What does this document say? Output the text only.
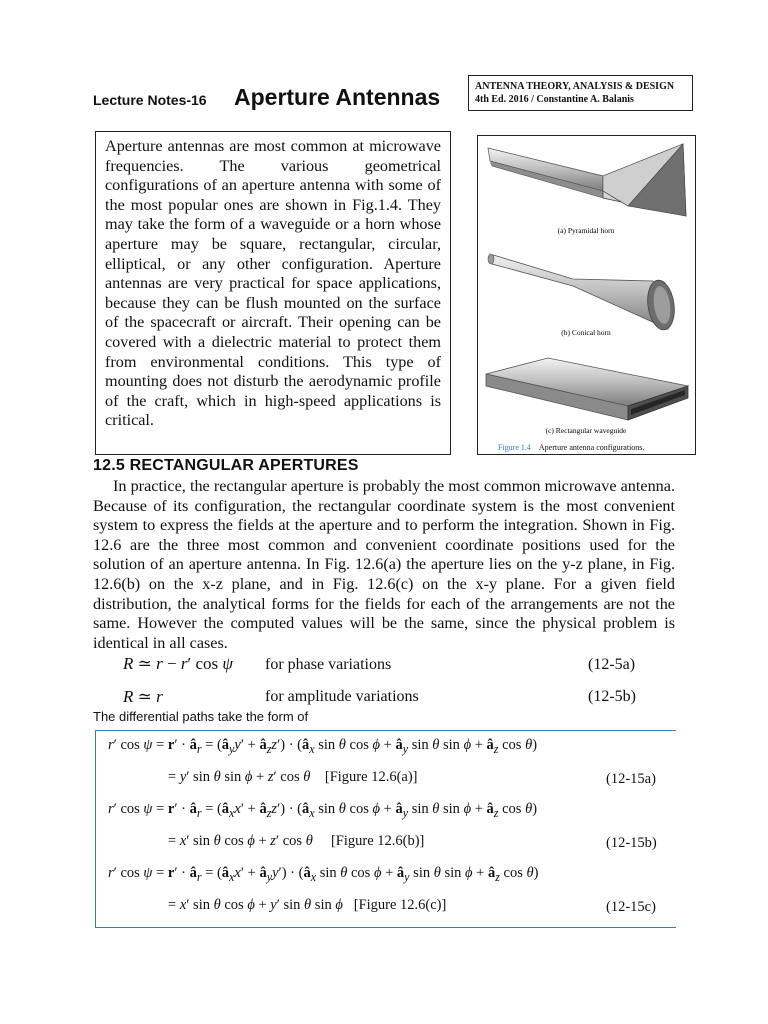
Lecture Notes-16 Aperture Antennas	ANTENNA THEORY, ANALYSIS & DESIGN
4th Ed. 2016 / Constantine A. Balanis
Aperture antennas are most common at microwave frequencies. The various geometrical configurations of an aperture antenna with some of the most popular ones are shown in Fig.1.4. They may take the form of a waveguide or a horn whose aperture may be square, rectangular, circular, elliptical, or any other configuration. Aperture antennas are very practical for space applications, because they can be flush mounted on the surface of the spacecraft or aircraft. Their opening can be covered with a dielectric material to protect them from environmental conditions. This type of mounting does not disturb the aerodynamic profile of the craft, which in high-speed applications is critical.
(a) Pyramidal horn
(b) Conical horn
(c) Rectangular waveguide
Figure 1.4 Aperture antenna configurations.
12.5 RECTANGULAR APERTURES
In practice, the rectangular aperture is probably the most common microwave antenna. Because of its configuration, the rectangular coordinate system is the most convenient system to express the fields at the aperture and to perform the integration. Shown in Fig. 12.6 are the three most common and convenient coordinate positions used for the solution of an aperture antenna. In Fig. 12.6(a) the aperture lies on the y-z plane, in Fig. 12.6(b) on the x-z plane, and in Fig. 12.6(c) on the x-y plane. For a given field distribution, the analytical forms for the fields for each of the arrangements are not the same. However the computed values will be the same, since the physical problem is identical in all cases.
R ≃ r − r′ cos ψ for phase variations	(12-5a)
R ≃ r	for amplitude variations	(12-5b)
The differential paths take the form of
r′ $\cos \psi = r' \cdot â_r$ = ($â_yy'$ + $â_zz'$) · ($â_x$ sin θ $\cos \phi + â_y$ sin θ $\sin \phi + â_z$ cos θ)
= y′ sin θ sin ϕ + z′ cos θ [Figure 12.6(a)]	(12-15a)
r′ $\cos \psi = r' \cdot â_r$ = ($â_xx'$ + $â_zz'$) · ($â_x$ sin θ $\cos \phi + â_y$ sin θ $\sin \phi + â_z$ cos θ)
= x′ sin θ cos ϕ + z′ cos θ [Figure 12.6(b)]	(12-15b)
r′ $\cos \psi = r' \cdot â_r$ = ($â_xx'$ + $â_yy'$) · ($â_x$ sin θ $\cos \phi + â_y$ sin θ $\sin \phi + â_z$ cos θ)
= x′ sin θ cos ϕ + y′ sin θ sin ϕ [Figure 12.6(c)]	(12-15c)
